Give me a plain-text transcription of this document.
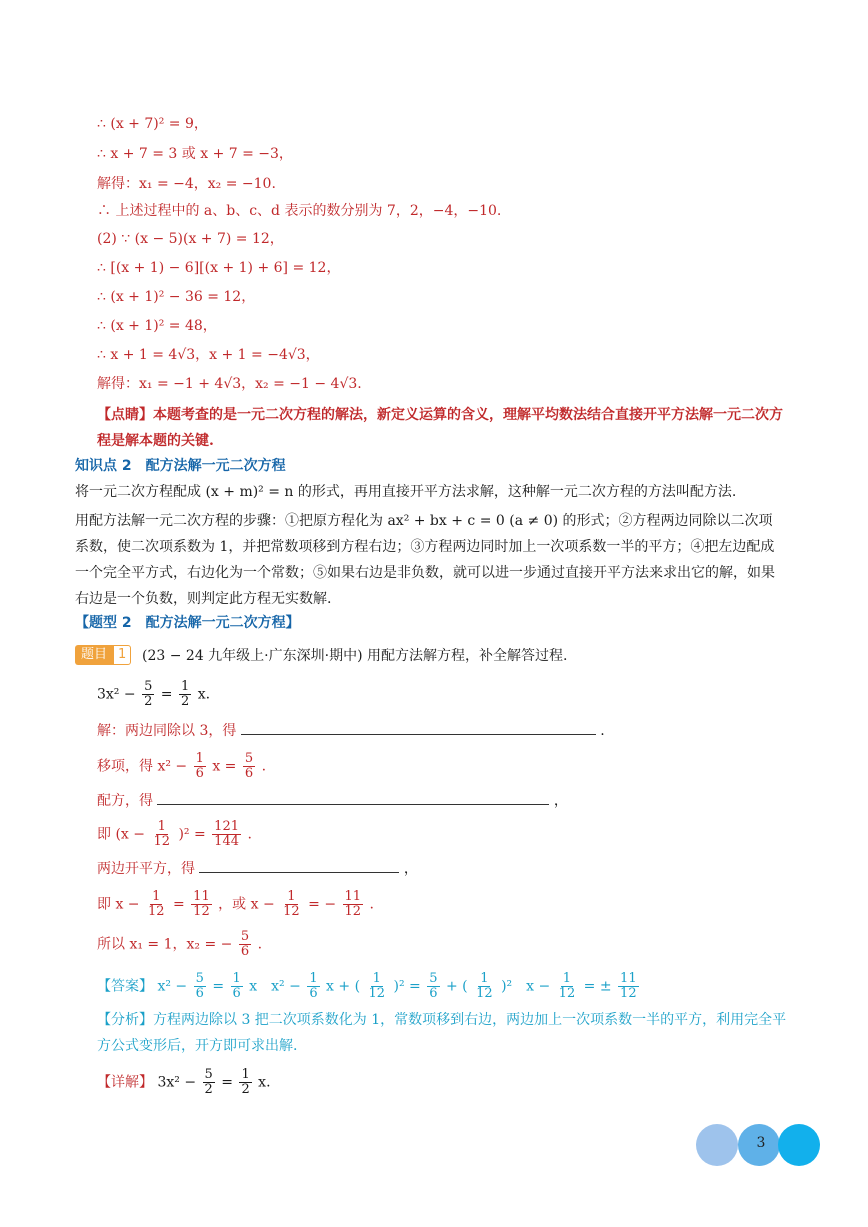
∴ (x + 7)² = 9，
∴ x + 7 = 3 或 x + 7 = −3，
解得：x₁ = −4，x₂ = −10.
∴ 上述过程中的 a、b、c、d 表示的数分别为 7，2，−4，−10.
(2) ∵ (x − 5)(x + 7) = 12，
∴ [(x + 1) − 6][(x + 1) + 6] = 12，
∴ (x + 1)² − 36 = 12，
∴ (x + 1)² = 48，
∴ x + 1 = 4√3，x + 1 = −4√3，
解得：x₁ = −1 + 4√3，x₂ = −1 − 4√3.
【点睛】本题考查的是一元二次方程的解法，新定义运算的含义，理解平均数法结合直接开平方法解一元二次方程是解本题的关键.
知识点 2　配方法解一元二次方程
将一元二次方程配成 (x + m)² = n 的形式，再用直接开平方法求解，这种解一元二次方程的方法叫配方法.
用配方法解一元二次方程的步骤：①把原方程化为 ax² + bx + c = 0 (a ≠ 0) 的形式；②方程两边同除以二次项系数，使二次项系数为 1，并把常数项移到方程右边；③方程两边同时加上一次项系数一半的平方；④把左边配成一个完全平方式，右边化为一个常数；⑤如果右边是非负数，就可以进一步通过直接开平方法来求出它的解，如果右边是一个负数，则判定此方程无实数解.
【题型 2　配方法解一元二次方程】
题目 1	(23 − 24 九年级上·广东深圳·期中) 用配方法解方程，补全解答过程.
$3x^2 - \frac{5}{2} = \frac{1}{2} x$.
解：两边同除以 3，得	.
移项，得 $x^2 - \frac{1}{6}$ $x = \frac{5}{6}$ .
配方，得	，
即 $(x - \frac{1}{12} )^2 = \frac{121}{144}$ .
两边开平方，得	，
即 $x - \frac{1}{12} = \frac{11}{12}$ ，或 $x - \frac{1}{12}$ = − $\frac{11}{12}$ .
所以 x₁ = 1，x₂ = − $\frac{5}{6}$ .
【答案】 $x^2 - \frac{5}{6} = \frac{1}{6}$ x　$x^2 - \frac{1}{6}$ x + ( $\frac{1}{12} )^2 = \frac{5}{6}$ + ( $\frac{1}{12} )^2$　$x - \frac{1}{12}$ = ± $\frac{11}{12}$
【分析】方程两边除以 3 把二次项系数化为 1，常数项移到右边，两边加上一次项系数一半的平方，利用完全平方公式变形后，开方即可求出解.
【详解】 $3x^2 - \frac{5}{2} = \frac{1}{2} x$.
3
